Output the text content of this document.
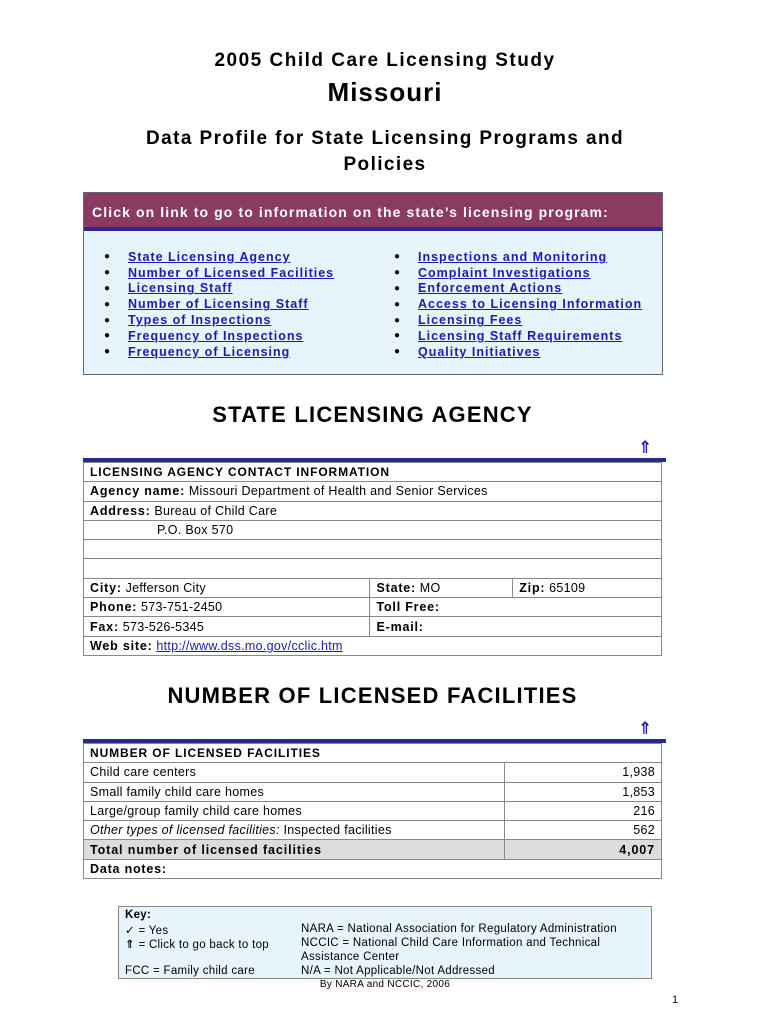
2005 Child Care Licensing Study
Missouri
Data Profile for State Licensing Programs and Policies
Click on link to go to information on the state’s licensing program:
●	State Licensing Agency
●	Number of Licensed Facilities
●	Licensing Staff
●	Number of Licensing Staff
●	Types of Inspections
●	Frequency of Inspections
●	Frequency of Licensing
●	Inspections and Monitoring
●	Complaint Investigations
●	Enforcement Actions
●	Access to Licensing Information
●	Licensing Fees
●	Licensing Staff Requirements
●	Quality Initiatives
STATE LICENSING AGENCY
⇑
LICENSING AGENCY CONTACT INFORMATION		
Agency name: Missouri Department of Health and Senior Services		
Address: Bureau of Child Care		
P.O. Box 570		

City: Jefferson City	State: MO	Zip: 65109
Phone: 573-751-2450	Toll Free:	
Fax: 573-526-5345	E-mail:	
Web site: http://www.dss.mo.gov/cclic.htm		
NUMBER OF LICENSED FACILITIES
⇑
NUMBER OF LICENSED FACILITIES	
Child care centers	1,938
Small family child care homes	1,853
Large/group family child care homes	216
Other types of licensed facilities: Inspected facilities	562
Total number of licensed facilities	4,007
Data notes:	
Key:
✓ = Yes
⇑ = Click to go back to top
FCC = Family child care
NARA = National Association for Regulatory Administration
NCCIC = National Child Care Information and Technical
Assistance Center
N/A = Not Applicable/Not Addressed
By NARA and NCCIC, 2006
1
